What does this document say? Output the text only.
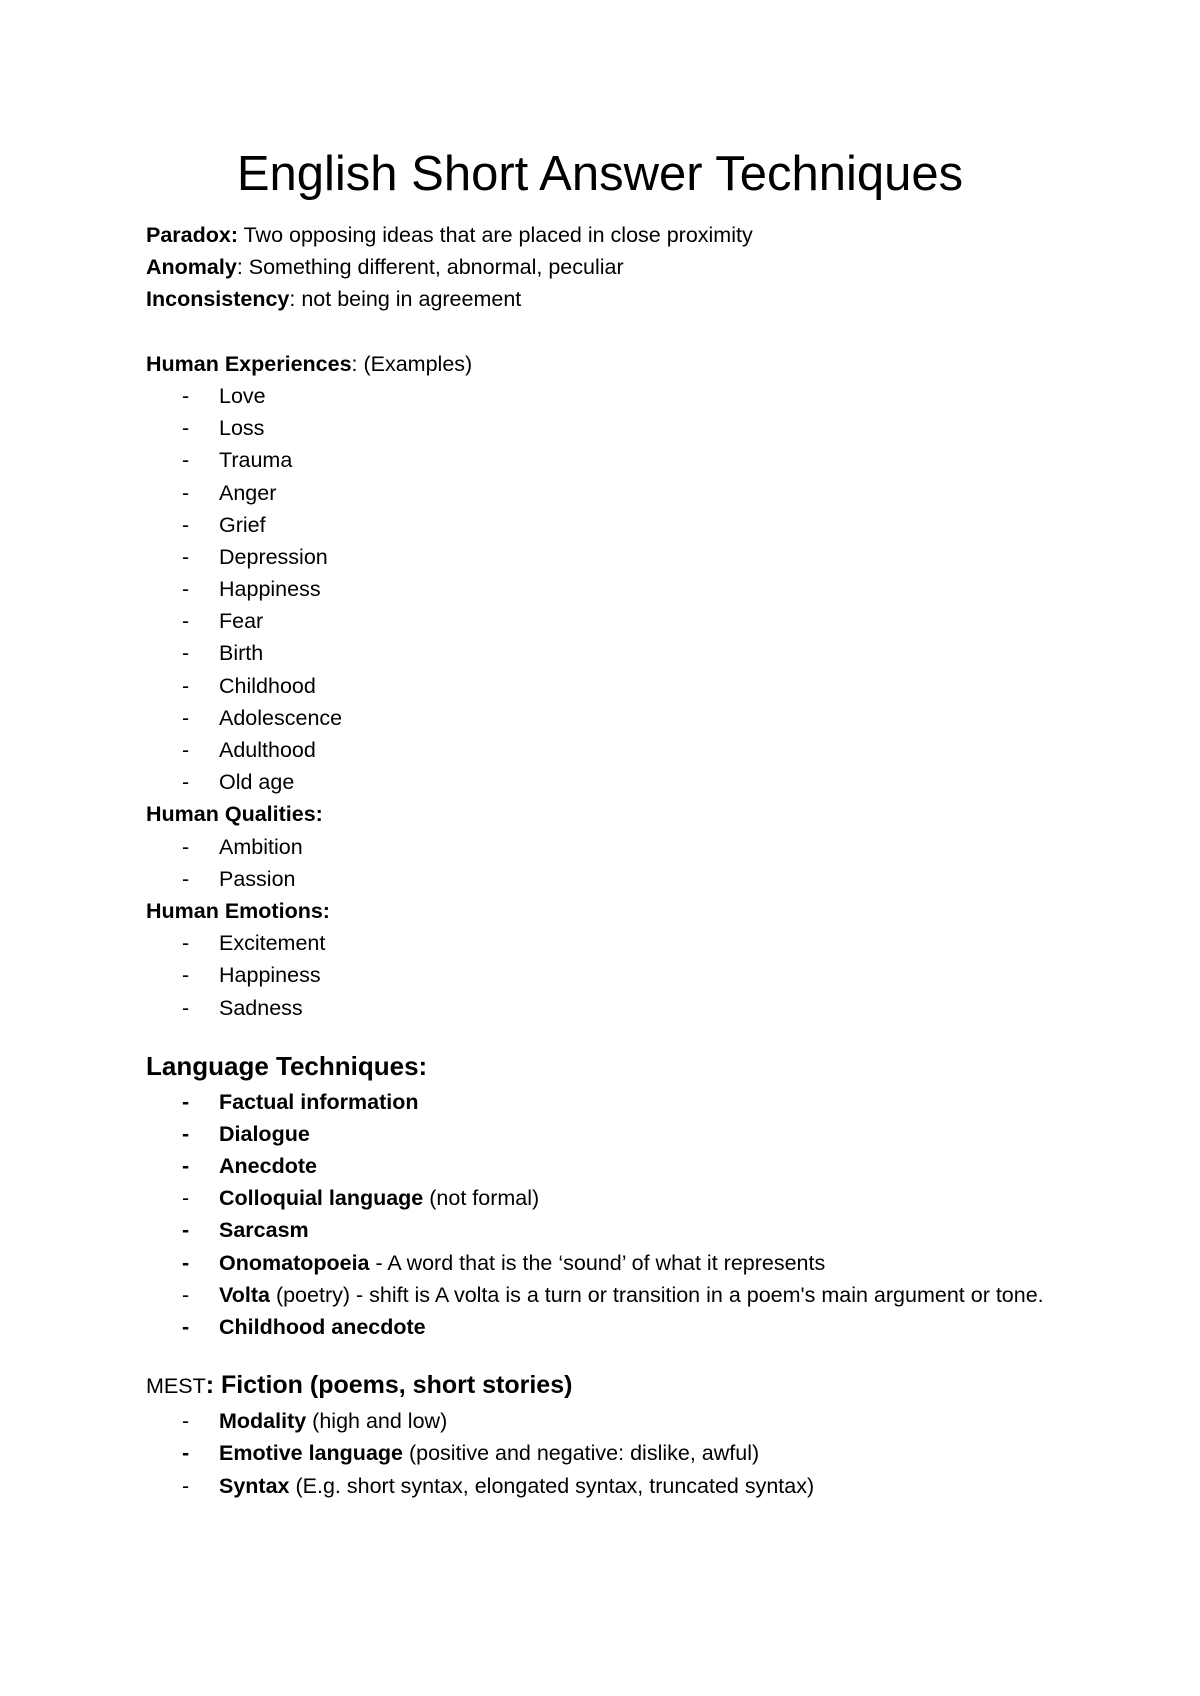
English Short Answer Techniques
Paradox: Two opposing ideas that are placed in close proximity
Anomaly: Something different, abnormal, peculiar
Inconsistency: not being in agreement
Human Experiences: (Examples)
- Love
- Loss
- Trauma
- Anger
- Grief
- Depression
- Happiness
- Fear
- Birth
- Childhood
- Adolescence
- Adulthood
- Old age
Human Qualities:
- Ambition
- Passion
Human Emotions:
- Excitement
- Happiness
- Sadness
Language Techniques:
- Factual information
- Dialogue
- Anecdote
- Colloquial language (not formal)
- Sarcasm
- Onomatopoeia - A word that is the ‘sound’ of what it represents
- Volta (poetry) - shift is A volta is a turn or transition in a poem's main argument or tone.
- Childhood anecdote
MEST: Fiction (poems, short stories)
- Modality (high and low)
- Emotive language (positive and negative: dislike, awful)
- Syntax (E.g. short syntax, elongated syntax, truncated syntax)
